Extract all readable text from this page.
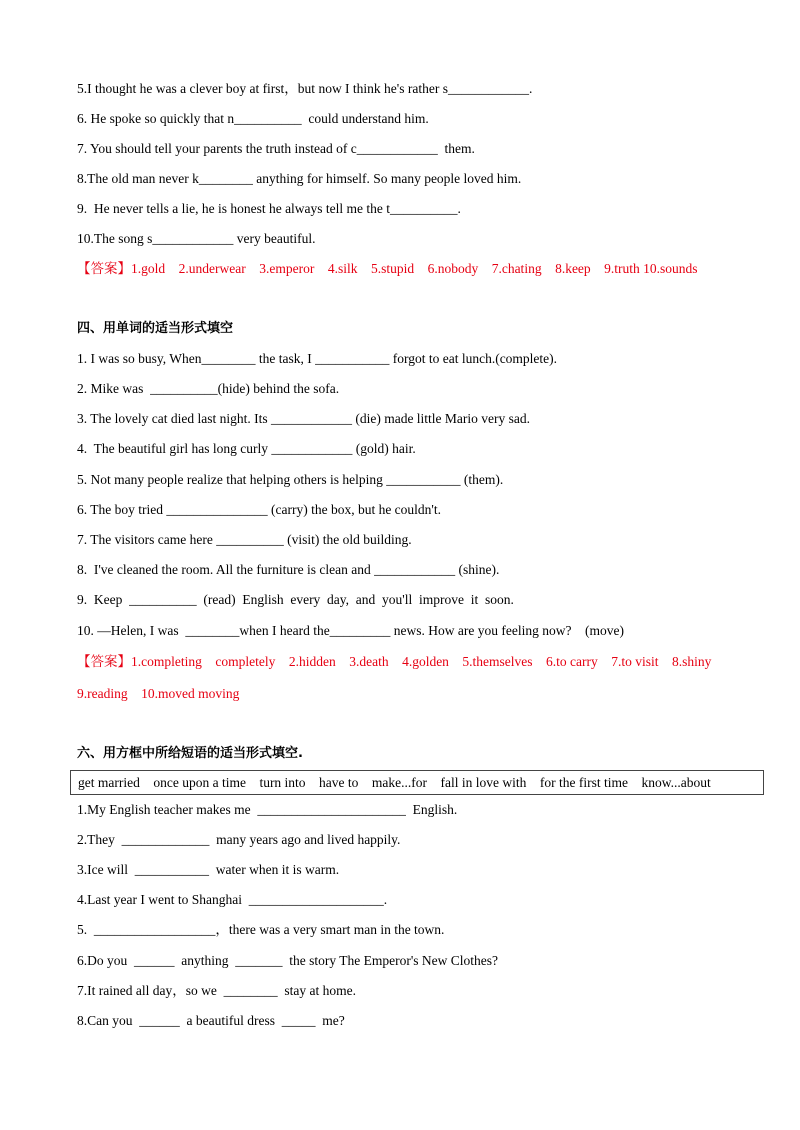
5.I thought he was a clever boy at first，but now I think he's rather s____________.
6. He spoke so quickly that n__________  could understand him.
7. You should tell your parents the truth instead of c____________  them.
8.The old man never k________ anything for himself. So many people loved him.
9.  He never tells a lie, he is honest he always tell me the t__________.
10.The song s____________ very beautiful.
【答案】1.gold    2.underwear    3.emperor    4.silk    5.stupid    6.nobody    7.chating    8.keep    9.truth 10.sounds
四、用单词的适当形式填空
1. I was so busy, When________ the task, I ___________ forgot to eat lunch.(complete).
2. Mike was  __________(hide) behind the sofa.
3. The lovely cat died last night. Its ____________ (die) made little Mario very sad.
4.  The beautiful girl has long curly ____________ (gold) hair.
5. Not many people realize that helping others is helping ___________ (them).
6. The boy tried _______________ (carry) the box, but he couldn't.
7. The visitors came here __________ (visit) the old building.
8.  I've cleaned the room. All the furniture is clean and ____________ (shine).
9.  Keep  __________  (read)  English  every  day,  and  you'll  improve  it  soon.
10. —Helen, I was  ________when I heard the_________ news. How are you feeling now?    (move)
【答案】1.completing    completely    2.hidden    3.death    4.golden    5.themselves    6.to carry    7.to visit    8.shiny
9.reading    10.moved moving
六、用方框中所给短语的适当形式填空.
get married    once upon a time    turn into    have to    make...for    fall in love with    for the first time    know...about
1.My English teacher makes me  ______________________  English.
2.They  _____________  many years ago and lived happily.
3.Ice will  ___________  water when it is warm.
4.Last year I went to Shanghai  ____________________.
5.  __________________，there was a very smart man in the town.
6.Do you  ______  anything  _______  the story The Emperor's New Clothes?
7.It rained all day，so we  ________  stay at home.
8.Can you  ______  a beautiful dress  _____  me?
